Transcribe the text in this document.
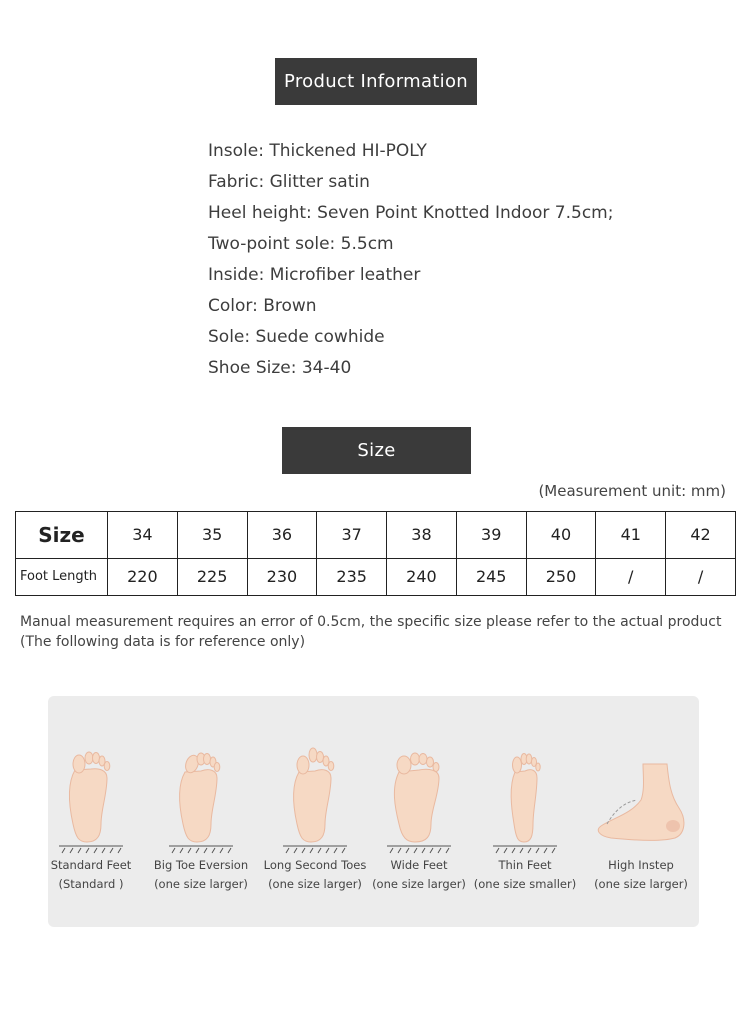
Product Information
Insole: Thickened HI-POLY
Fabric: Glitter satin
Heel height: Seven Point Knotted Indoor 7.5cm;
Two-point sole: 5.5cm
Inside: Microfiber leather
Color: Brown
Sole: Suede cowhide
Shoe Size: 34-40
Size
(Measurement unit: mm)
Size	34	35	36	37	38	39	40	41	42
Foot Length	220	225	230	235	240	245	250	/	/
Manual measurement requires an error of 0.5cm, the specific size please refer to the actual product (The following data is for reference only)
Standard Feet
(Standard )
Big Toe Eversion
(one size larger)
Long Second Toes
(one size larger)
Wide Feet
(one size larger)
Thin Feet
(one size smaller)
High Instep
(one size larger)
